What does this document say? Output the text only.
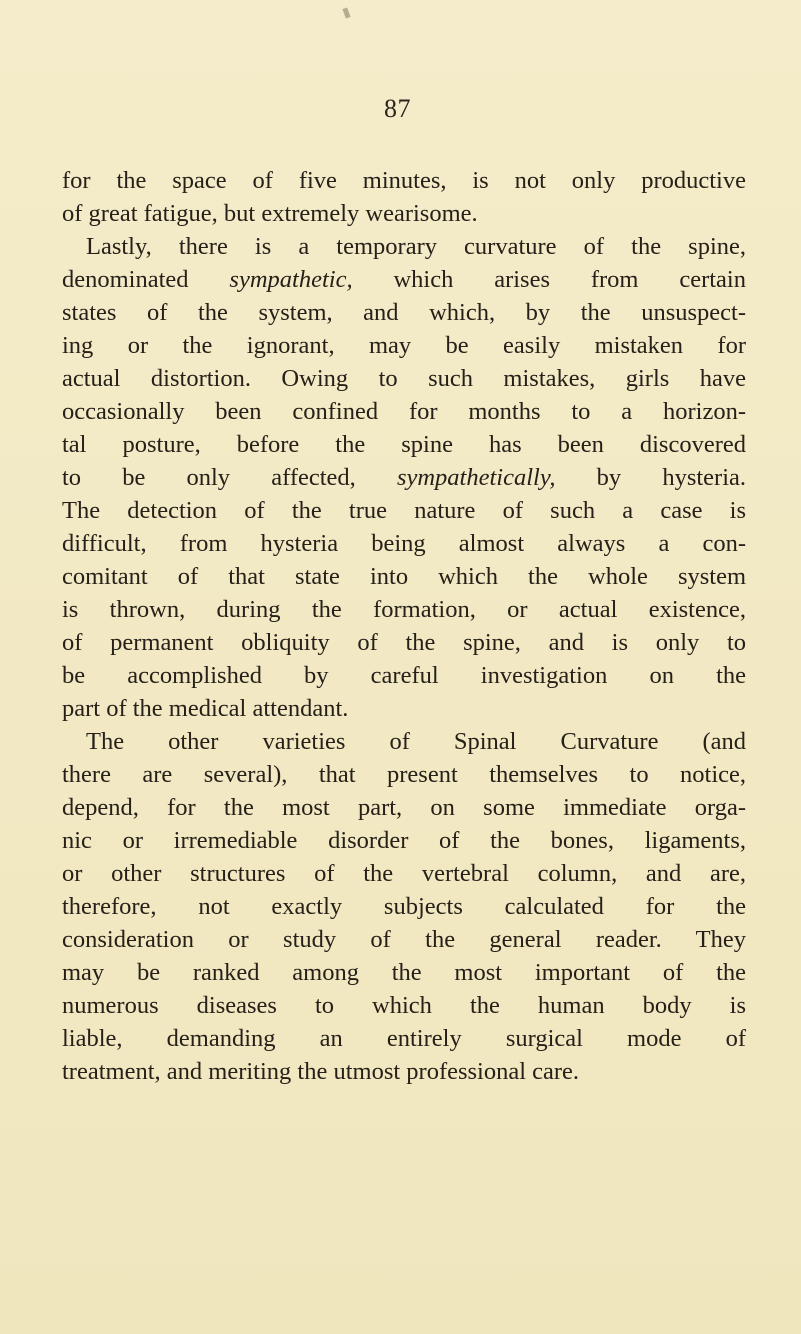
87
for the space of five minutes, is not only productive
of great fatigue, but extremely wearisome.
Lastly, there is a temporary curvature of the spine,
denominated sympathetic, which arises from certain
states of the system, and which, by the unsuspect-
ing or the ignorant, may be easily mistaken for
actual distortion. Owing to such mistakes, girls have
occasionally been confined for months to a horizon-
tal posture, before the spine has been discovered
to be only affected, sympathetically, by hysteria.
The detection of the true nature of such a case is
difficult, from hysteria being almost always a con-
comitant of that state into which the whole system
is thrown, during the formation, or actual existence,
of permanent obliquity of the spine, and is only to
be accomplished by careful investigation on the
part of the medical attendant.
The other varieties of Spinal Curvature (and
there are several), that present themselves to notice,
depend, for the most part, on some immediate orga-
nic or irremediable disorder of the bones, ligaments,
or other structures of the vertebral column, and are,
therefore, not exactly subjects calculated for the
consideration or study of the general reader. They
may be ranked among the most important of the
numerous diseases to which the human body is
liable, demanding an entirely surgical mode of
treatment, and meriting the utmost professional care.
